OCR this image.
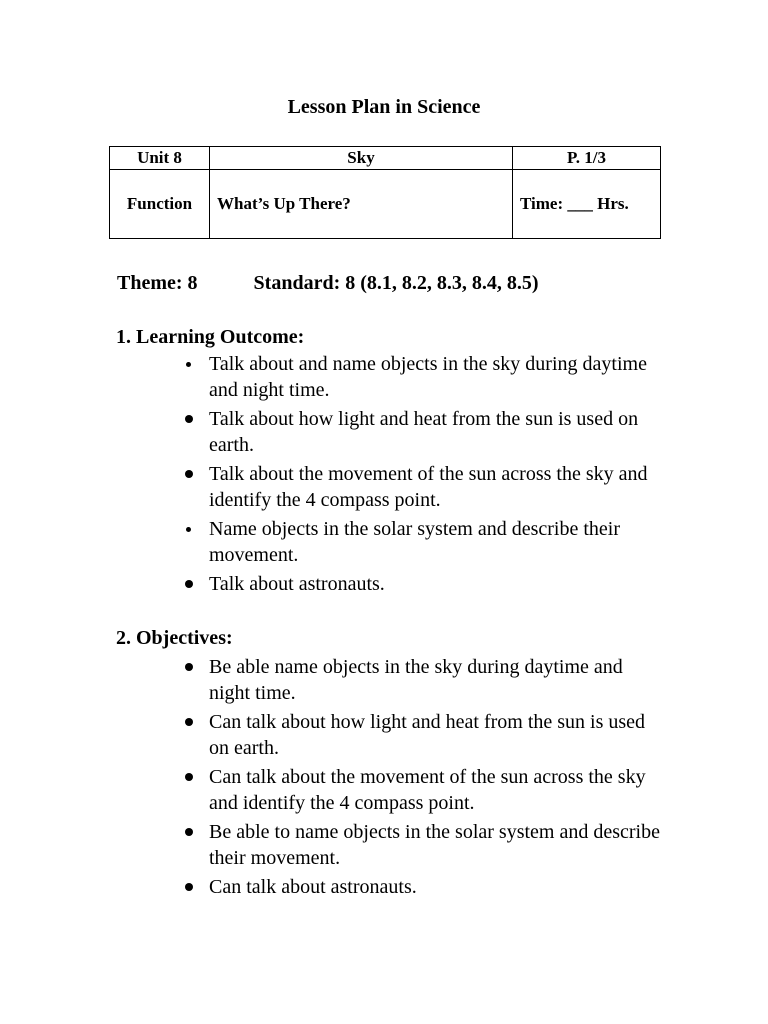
Lesson Plan in Science
Unit 8	Sky	P. 1/3
Function	What’s Up There?	Time: ___ Hrs.
Theme: 8	Standard: 8 (8.1, 8.2, 8.3, 8.4, 8.5)
1. Learning Outcome:
Talk about and name objects in the sky during daytime and night time.
Talk about how light and heat from the sun is used on earth.
Talk about the movement of the sun across the sky and identify the 4 compass point.
Name objects in the solar system and describe their movement.
Talk about astronauts.
2. Objectives:
Be able name objects in the sky during daytime and night time.
Can talk about how light and heat from the sun is used on earth.
Can talk about the movement of the sun across the sky and identify the 4 compass point.
Be able to name objects in the solar system and describe their movement.
Can talk about astronauts.
